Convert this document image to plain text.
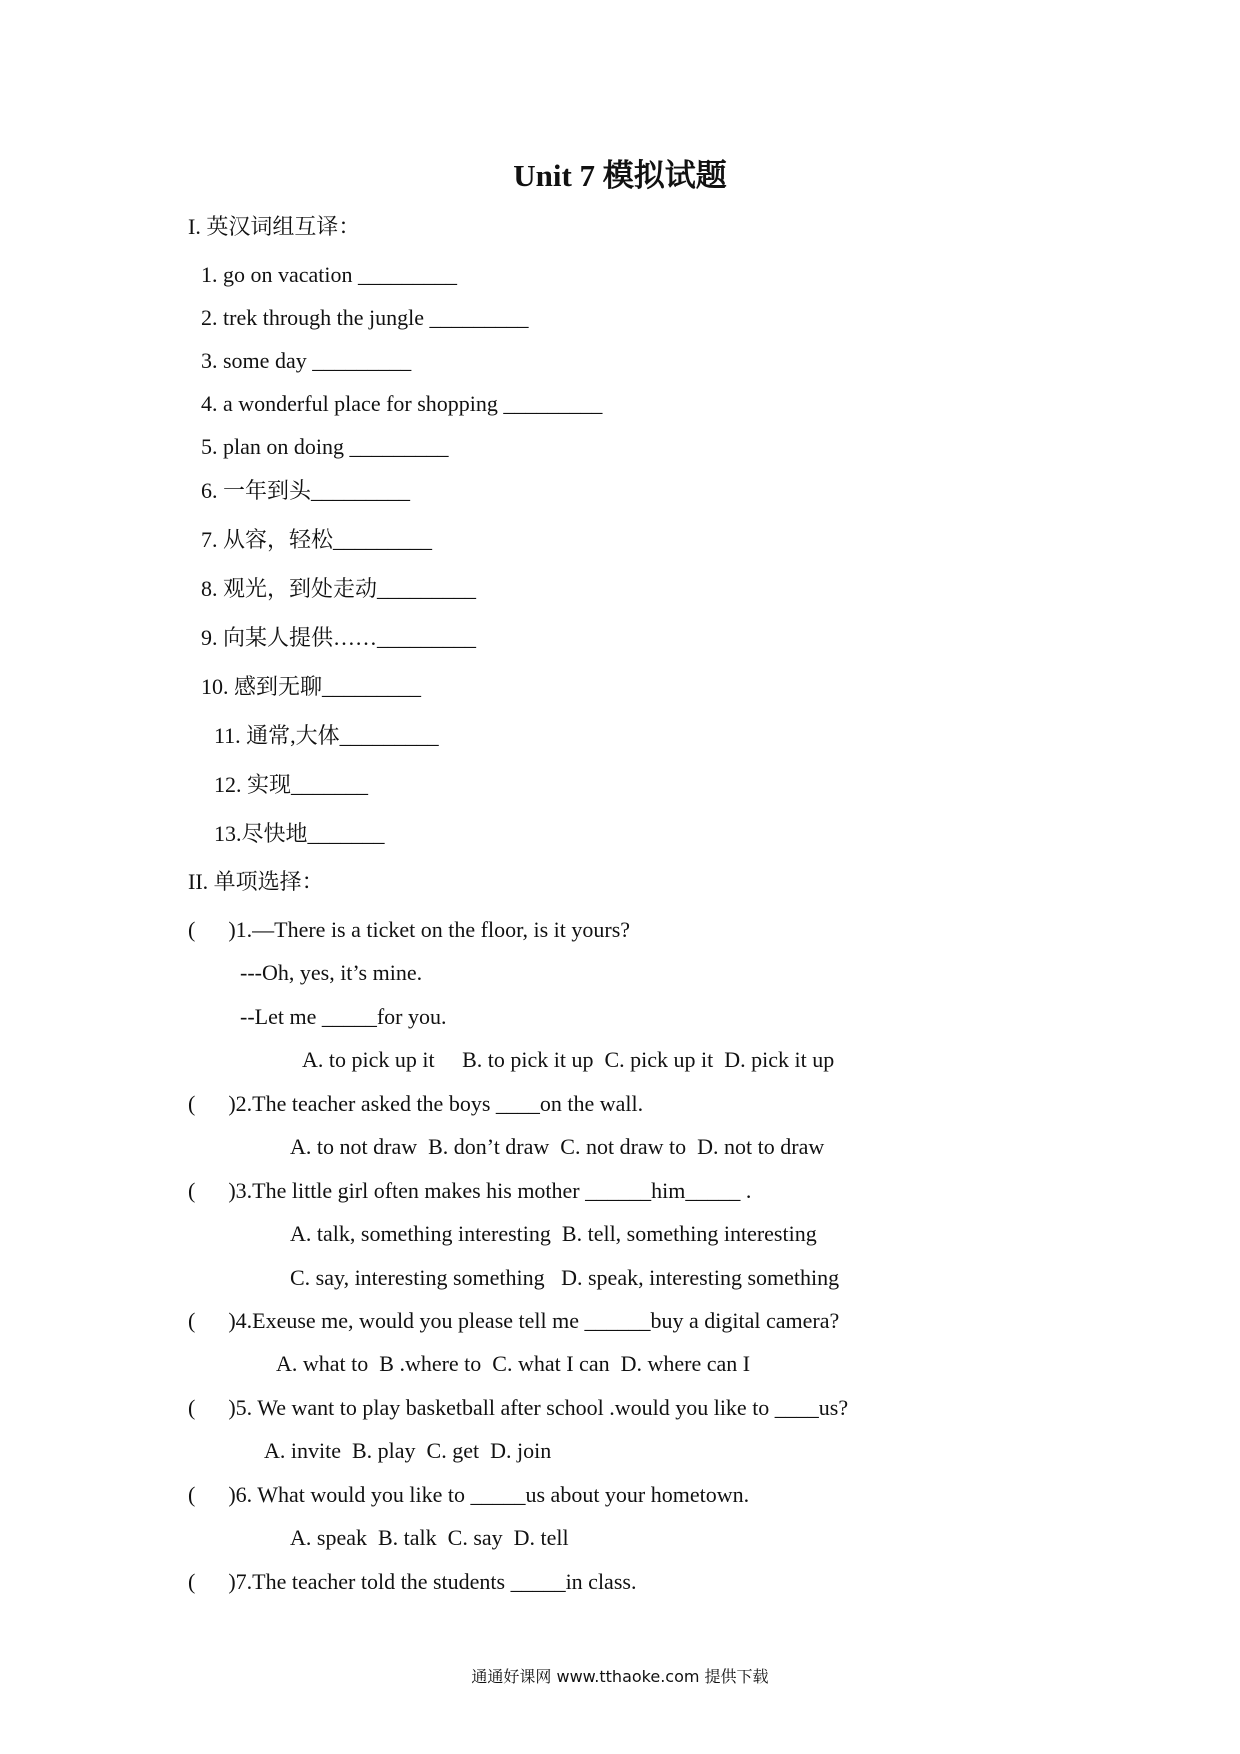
Unit 7 模拟试题
I. 英汉词组互译：
1. go on vacation _________
2. trek through the jungle _________
3. some day _________
4. a wonderful place for shopping _________
5. plan on doing _________
6. 一年到头_________
7. 从容，轻松_________
8. 观光，到处走动_________
9. 向某人提供……_________
10. 感到无聊_________
11. 通常,大体_________
12. 实现_______
13.尽快地_______
II. 单项选择：
(      )1.—There is a ticket on the floor, is it yours?
---Oh, yes, it’s mine.
--Let me _____for you.
A. to pick up it     B. to pick it up  C. pick up it  D. pick it up
(      )2.The teacher asked the boys ____on the wall.
A. to not draw  B. don’t draw  C. not draw to  D. not to draw
(      )3.The little girl often makes his mother ______him_____ .
A. talk, something interesting  B. tell, something interesting
C. say, interesting something   D. speak, interesting something
(      )4.Exeuse me, would you please tell me ______buy a digital camera?
A. what to  B .where to  C. what I can  D. where can I
(      )5. We want to play basketball after school .would you like to ____us?
A. invite  B. play  C. get  D. join
(      )6. What would you like to _____us about your hometown.
A. speak  B. talk  C. say  D. tell
(      )7.The teacher told the students _____in class.
通通好课网 www.tthaoke.com 提供下载
